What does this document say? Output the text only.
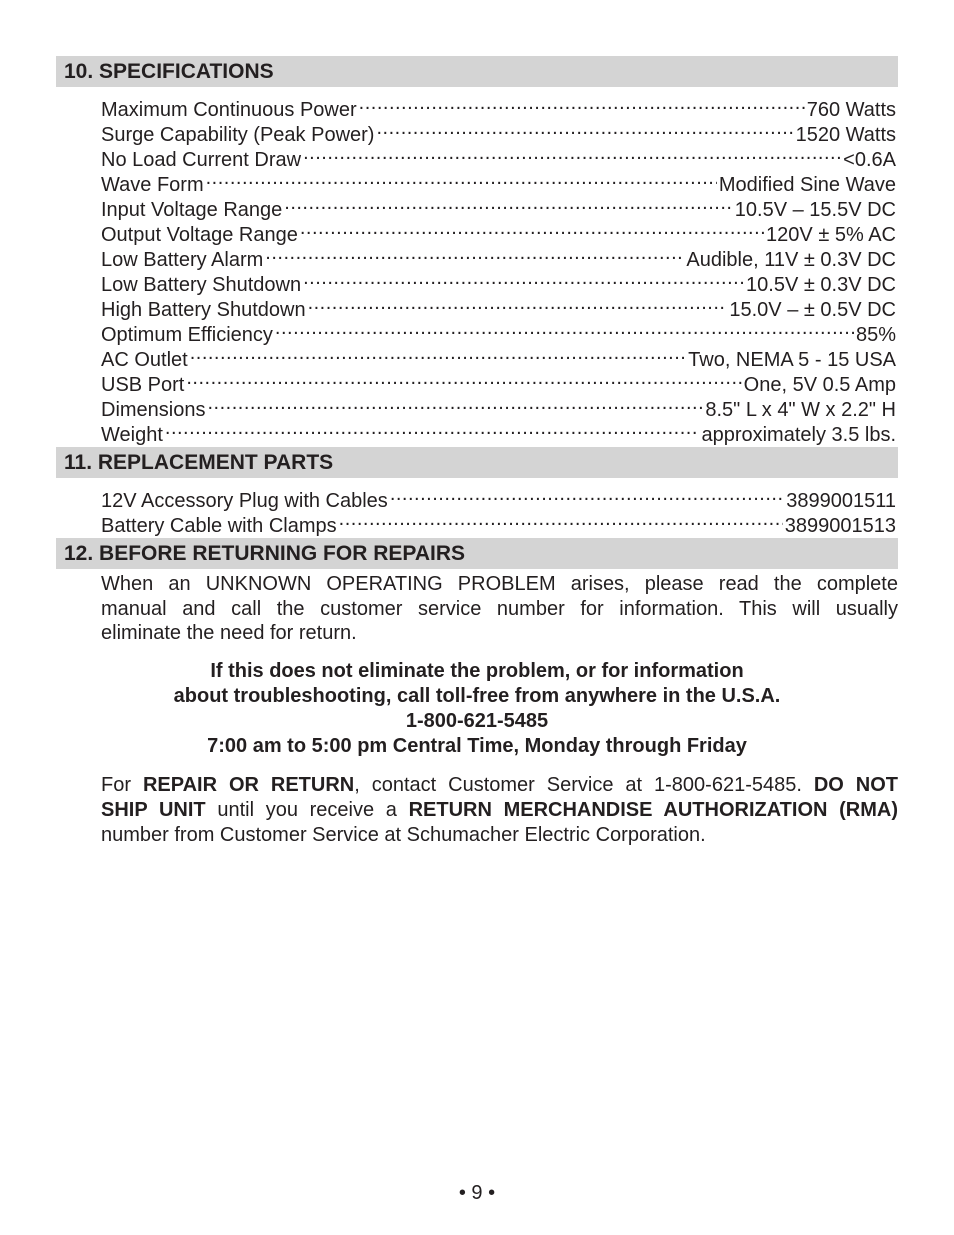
10. SPECIFICATIONS
Maximum Continuous Power .....	760 Watts
Surge Capability (Peak Power) .....	1520 Watts
No Load Current Draw .....	<0.6A
Wave Form .....	Modified Sine Wave
Input Voltage Range .....	10.5V – 15.5V DC
Output Voltage Range .....	120V ± 5% AC
Low Battery Alarm .....	Audible, 11V ± 0.3V DC
Low Battery Shutdown .....	10.5V ± 0.3V DC
High Battery Shutdown .....	15.0V – ± 0.5V DC
Optimum Efficiency .....	85%
AC Outlet .....	Two, NEMA 5 - 15 USA
USB Port .....	One, 5V 0.5 Amp
Dimensions .....	8.5" L x 4" W x 2.2" H
Weight .....	approximately 3.5 lbs.
11. REPLACEMENT PARTS
12V Accessory Plug with Cables .....	3899001511
Battery Cable with Clamps .....	3899001513
12. BEFORE RETURNING FOR REPAIRS

When an UNKNOWN OPERATING PROBLEM arises, please read the complete
manual and call the customer service number for information. This will usually
eliminate the need for return.

If this does not eliminate the problem, or for information
about troubleshooting, call toll-free from anywhere in the U.S.A.
1-800-621-5485
7:00 am to 5:00 pm Central Time, Monday through Friday

For REPAIR OR RETURN, contact Customer Service at 1-800-621-5485. DO NOT
SHIP UNIT until you receive a RETURN MERCHANDISE AUTHORIZATION (RMA)
number from Customer Service at Schumacher Electric Corporation.

• 9 •
